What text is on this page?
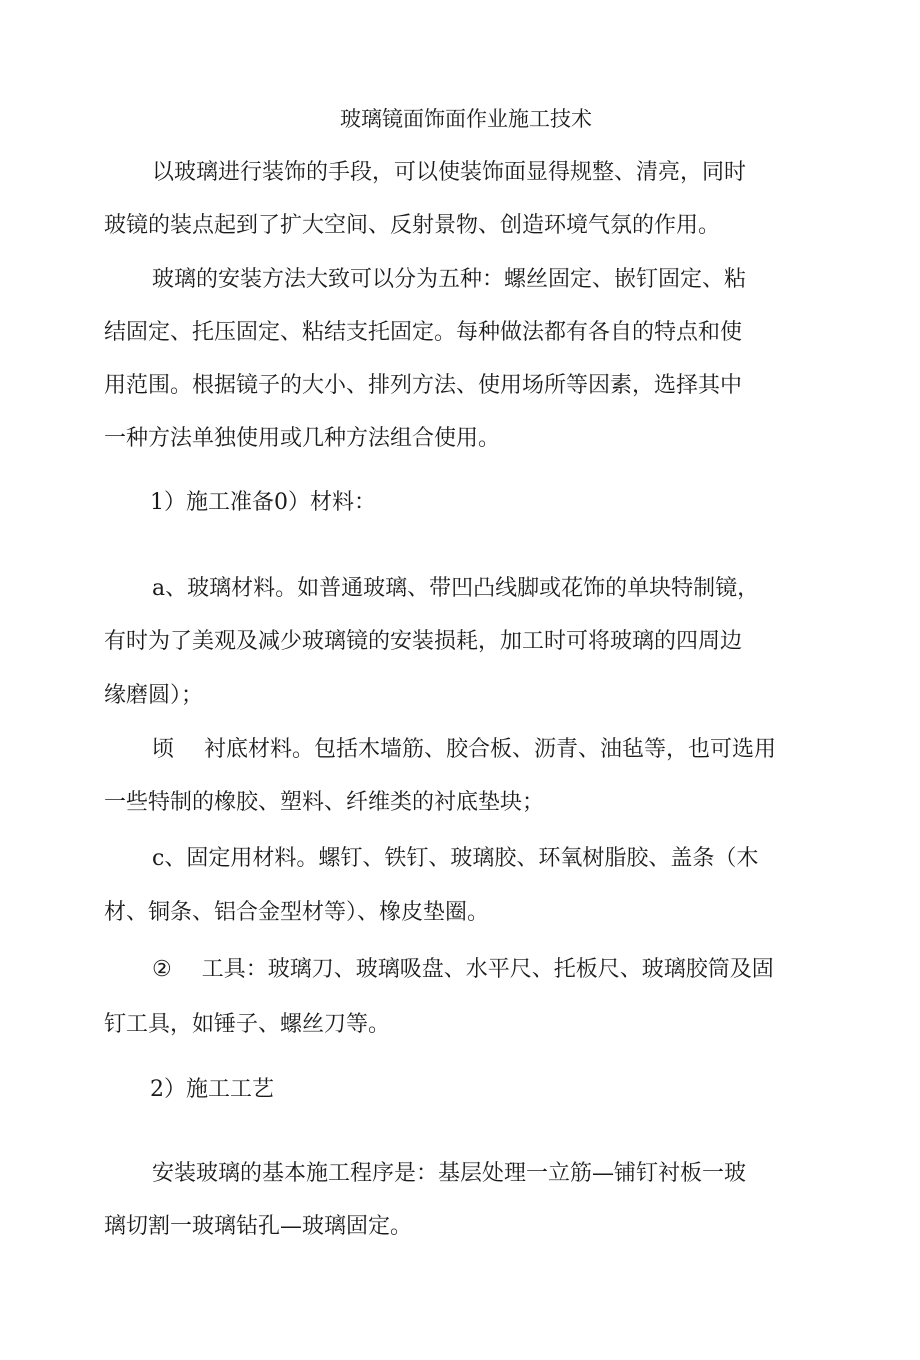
玻璃镜面饰面作业施工技术
以玻璃进行装饰的手段，可以使装饰面显得规整、清亮，同时
玻镜的装点起到了扩大空间、反射景物、创造环境气氛的作用。
玻璃的安装方法大致可以分为五种：螺丝固定、嵌钉固定、粘
结固定、托压固定、粘结支托固定。每种做法都有各自的特点和使
用范围。根据镜子的大小、排列方法、使用场所等因素，选择其中
一种方法单独使用或几种方法组合使用。
1）施工准备0）材料：
a、玻璃材料。如普通玻璃、带凹凸线脚或花饰的单块特制镜，
有时为了美观及减少玻璃镜的安装损耗，加工时可将玻璃的四周边
缘磨圆）；
顷 衬底材料。包括木墙筋、胶合板、沥青、油毡等，也可选用
一些特制的橡胶、塑料、纤维类的衬底垫块；
c、固定用材料。螺钉、铁钉、玻璃胶、环氧树脂胶、盖条（木
材、铜条、铝合金型材等）、橡皮垫圈。
② 工具：玻璃刀、玻璃吸盘、水平尺、托板尺、玻璃胶筒及固
钉工具，如锤子、螺丝刀等。
2）施工工艺
安装玻璃的基本施工程序是：基层处理一立筋—铺钉衬板一玻
璃切割一玻璃钻孔—玻璃固定。
